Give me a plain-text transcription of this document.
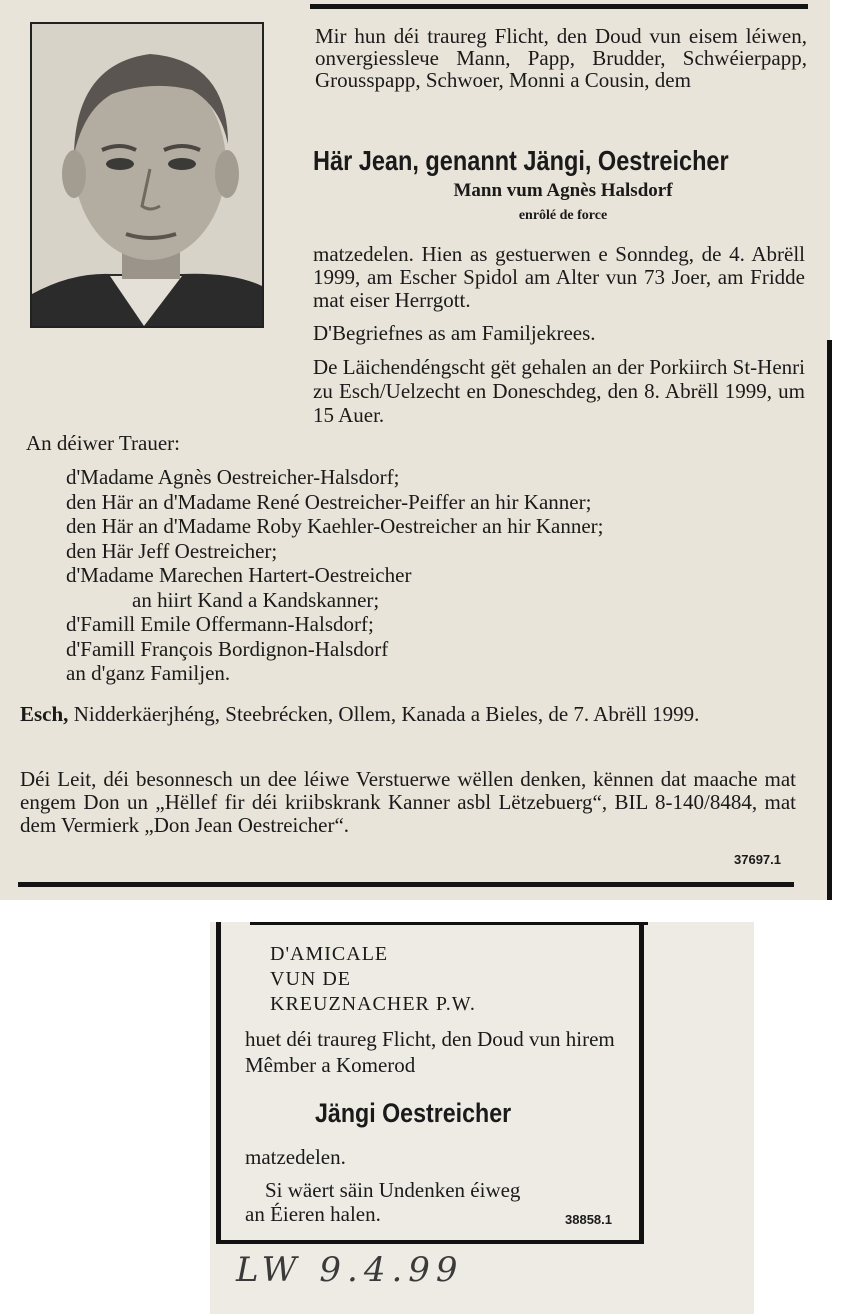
Mir hun déi traureg Flicht, den Doud vun eisem léiwen, onvergiesslече Mann, Papp, Brudder, Schwéierpapp, Grousspapp, Schwoer, Monni a Cousin, dem

Här Jean, genannt Jängi, Oestreicher
Mann vum Agnès Halsdorf
enrôlé de force

matzedelen. Hien as gestuerwen e Sonndeg, de 4. Abrëll 1999, am Escher Spidol am Alter vun 73 Joer, am Fridde mat eiser Herrgott.

D'Begriefnes as am Familjekrees.

De Läichendéngscht gët gehalen an der Porkiirch St-Henri zu Esch/Uelzecht en Doneschdeg, den 8. Abrëll 1999, um 15 Auer.

An déiwer Trauer:

d'Madame Agnès Oestreicher-Halsdorf;
den Här an d'Madame René Oestreicher-Peiffer an hir Kanner;
den Här an d'Madame Roby Kaehler-Oestreicher an hir Kanner;
den Här Jeff Oestreicher;
d'Madame Marechen Hartert-Oestreicher
an hiirt Kand a Kandskanner;
d'Famill Emile Offermann-Halsdorf;
d'Famill François Bordignon-Halsdorf
an d'ganz Familjen.

Esch, Nidderkäerjhéng, Steebrécken, Ollem, Kanada a Bieles, de 7. Abrëll 1999.

Déi Leit, déi besonnesch un dee léiwe Verstuerwe wëllen denken, kënnen dat maache mat engem Don un „Hëllef fir déi kriibskrank Kanner asbl Lëtzebuerg“, BIL 8-140/8484, mat dem Vermierk „Don Jean Oestreicher“.

37697.1
D'AMICALE
VUN DE
KREUZNACHER P.W.

huet déi traureg Flicht, den Doud vun hirem Mêmber a Komerod

Jängi Oestreicher

matzedelen.

Si wäert säin Undenken éiweg an Éieren halen.	38858.1
LW 9.4.99
